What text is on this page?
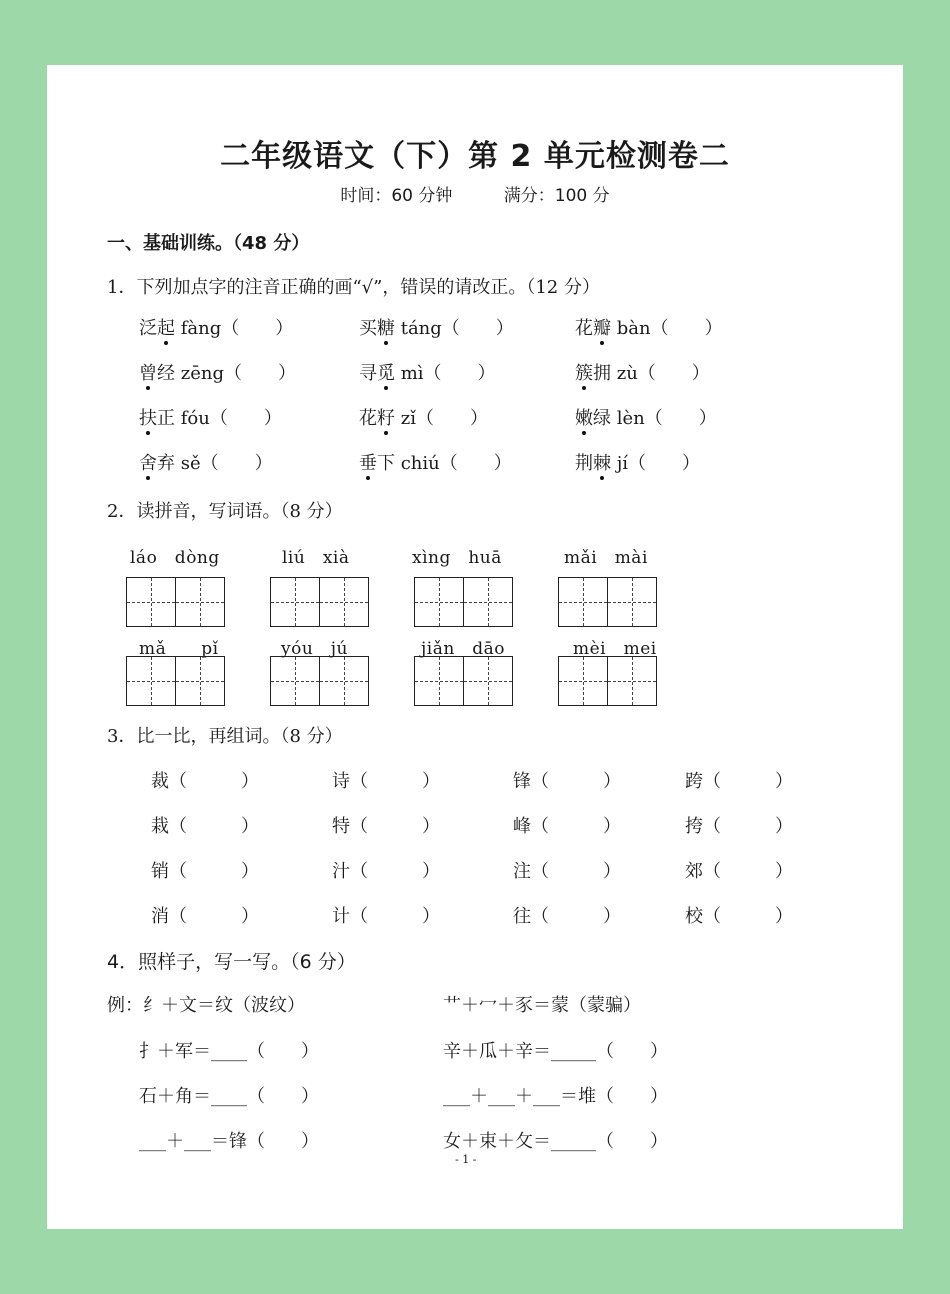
二年级语文（下）第 2 单元检测卷二
时间：60 分钟	满分：100 分
一、基础训练。（48 分）
1．下列加点字的注音正确的画“√”，错误的请改正。（12 分）
泛起 fàng（　　）	买糖 táng（　　）	花瓣 bàn（　　）
曾经 zēng（　　）	寻觅 mì（　　）	簇拥 zù（　　）
扶正 fóu（　　）	花籽 zǐ（　　）	嫩绿 lèn（　　）
舍弃 sě（　　）	垂下 chiú（　　）	荆棘 jí（　　）
2．读拼音，写词语。（8 分）
láo　dòng	liú　xià	xìng　huā	mǎi　mài
mǎ　　pǐ	yóu　jú	jiǎn　dāo	mèi　mei
3．比一比，再组词。（8 分）
裁（　　　）	诗（　　　）	锋（　　　）	跨（　　　）
栽（　　　）	特（　　　）	峰（　　　）	挎（　　　）
销（　　　）	汁（　　　）	注（　　　）	郊（　　　）
消（　　　）	计（　　　）	往（　　　）	校（　　　）
4．照样子，写一写。（6 分）
例：纟＋文＝纹（波纹）	艹＋冖＋豕＝蒙（蒙骗）
扌＋军＝____（　　）	辛＋瓜＋辛＝_____（　　）
石＋角＝____（　　）	___＋___＋___＝堆（　　）
___＋___＝锋（　　）	女＋束＋攵＝_____（　　）
- 1 -
